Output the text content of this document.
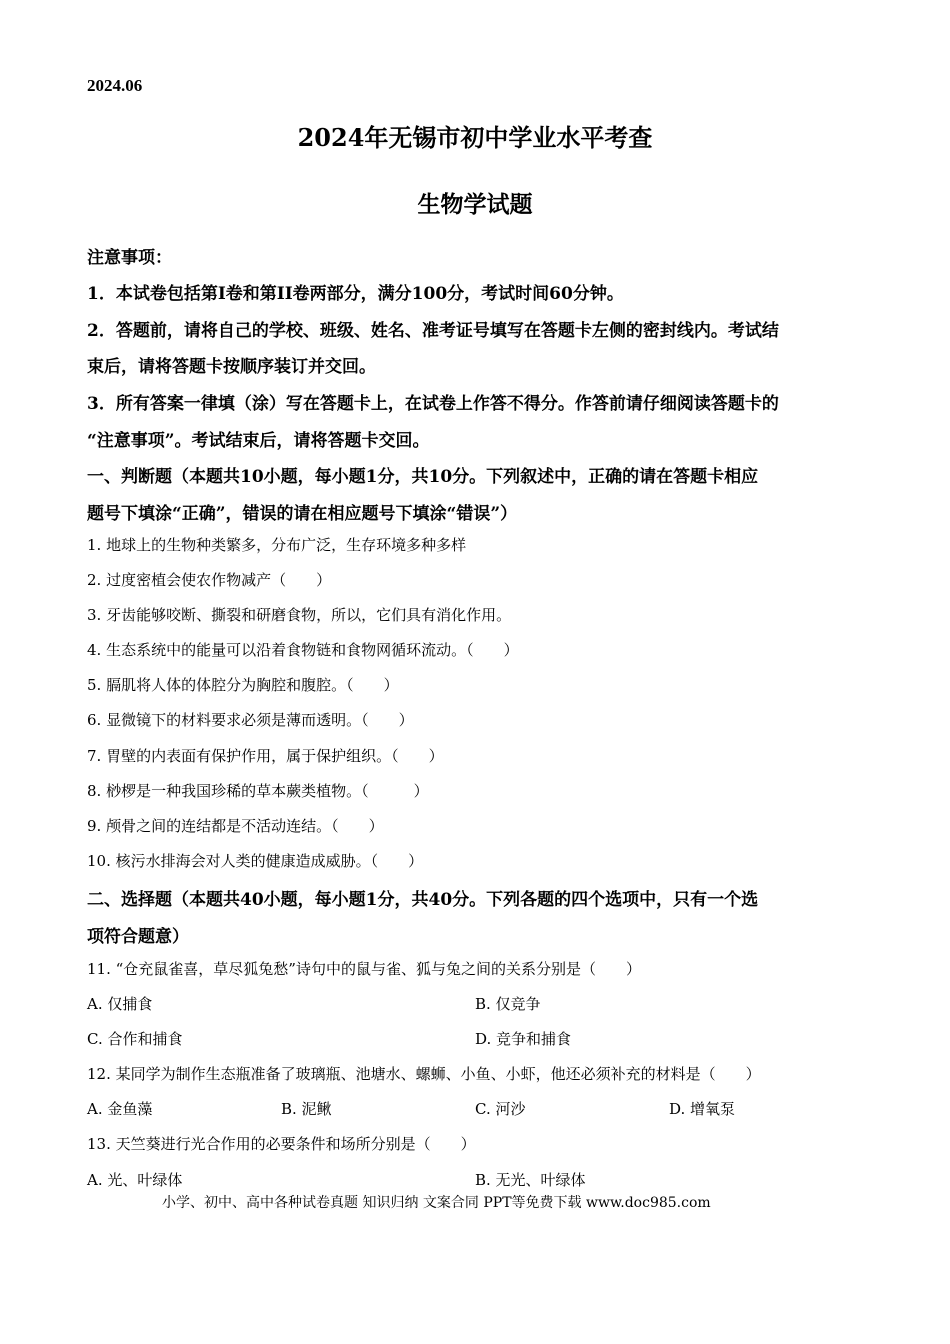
2024.06
2024年无锡市初中学业水平考查
生物学试题
注意事项：
1．本试卷包括第I卷和第II卷两部分，满分100分，考试时间60分钟。
2．答题前，请将自己的学校、班级、姓名、准考证号填写在答题卡左侧的密封线内。考试结
束后，请将答题卡按顺序装订并交回。
3．所有答案一律填（涂）写在答题卡上，在试卷上作答不得分。作答前请仔细阅读答题卡的
“注意事项”。考试结束后，请将答题卡交回。
一、判断题（本题共10小题，每小题1分，共10分。下列叙述中，正确的请在答题卡相应
题号下填涂“正确”，错误的请在相应题号下填涂“错误”）
1. 地球上的生物种类繁多，分布广泛，生存环境多种多样
2. 过度密植会使农作物减产（　　）
3. 牙齿能够咬断、撕裂和研磨食物，所以，它们具有消化作用。
4. 生态系统中的能量可以沿着食物链和食物网循环流动。（　　）
5. 膈肌将人体的体腔分为胸腔和腹腔。（　　）
6. 显微镜下的材料要求必须是薄而透明。（　　）
7. 胃壁的内表面有保护作用，属于保护组织。（　　）
8. 桫椤是一种我国珍稀的草本蕨类植物。（　　　）
9. 颅骨之间的连结都是不活动连结。（　　）
10. 核污水排海会对人类的健康造成威胁。（　　）
二、选择题（本题共40小题，每小题1分，共40分。下列各题的四个选项中，只有一个选
项符合题意）
11. “仓充鼠雀喜，草尽狐兔愁”诗句中的鼠与雀、狐与兔之间的关系分别是（　　）
A. 仅捕食	B. 仅竞争
C. 合作和捕食	D. 竞争和捕食
12. 某同学为制作生态瓶准备了玻璃瓶、池塘水、螺蛳、小鱼、小虾，他还必须补充的材料是（　　）
A. 金鱼藻	B. 泥鳅	C. 河沙	D. 增氧泵
13. 天竺葵进行光合作用的必要条件和场所分别是（　　）
A. 光、叶绿体	B. 无光、叶绿体
小学、初中、高中各种试卷真题 知识归纳 文案合同 PPT等免费下载 www.doc985.com
